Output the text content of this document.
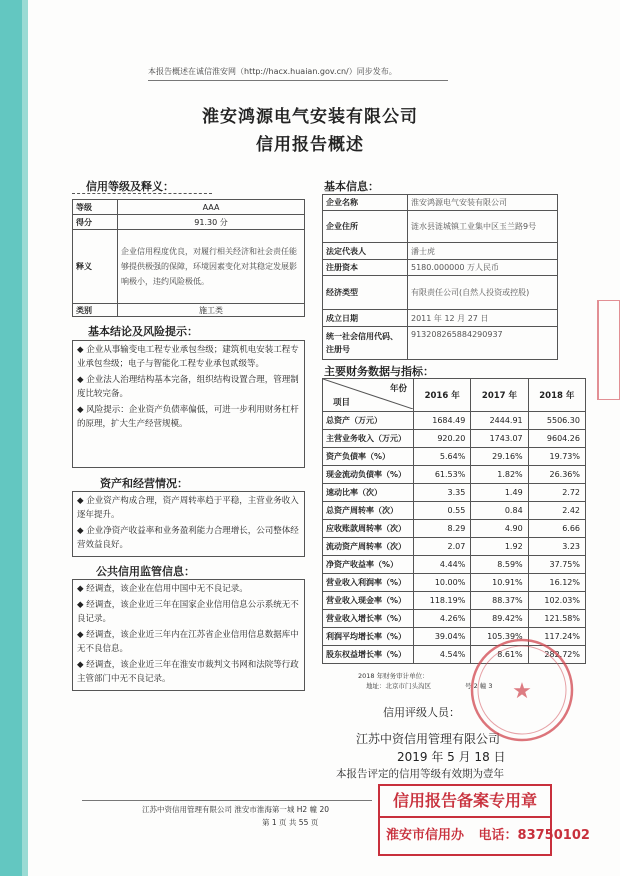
本报告概述在诚信淮安网（http://hacx.huaian.gov.cn/）同步发布。
淮安鸿源电气安装有限公司
信用报告概述
信用等级及释义：
等级	AAA
得分	91.30 分
释义	企业信用程度优良，对履行相关经济和社会责任能够提供极强的保障，环境因素变化对其稳定发展影响极小，违约风险极低。
类别	施工类
基本信息：
企业名称	淮安鸿源电气安装有限公司
企业住所	涟水县涟城镇工业集中区玉兰路9号
法定代表人	潘士虎
注册资本	5180.000000 万人民币
经济类型	有限责任公司(自然人投资或控股)
成立日期	2011 年 12 月 27 日
统一社会信用代码、注册号	913208265884290937
基本结论及风险提示：

◆ 企业从事输变电工程专业承包叁级；建筑机电安装工程专业承包叁级；电子与智能化工程专业承包贰级等。

◆ 企业法人治理结构基本完备，组织结构设置合理，管理制度比较完备。

◆ 风险提示：企业资产负债率偏低，可进一步利用财务杠杆的原理，扩大生产经营规模。

资产和经营情况：

◆ 企业资产构成合理，资产周转率趋于平稳，主营业务收入逐年提升。

◆ 企业净资产收益率和业务盈利能力合理增长，公司整体经营效益良好。

公共信用监管信息：

◆ 经调查，该企业在信用中国中无不良记录。

◆ 经调查，该企业近三年在国家企业信用信息公示系统无不良记录。

◆ 经调查，该企业近三年内在江苏省企业信用信息数据库中无不良信息。

◆ 经调查，该企业近三年在淮安市裁判文书网和法院等行政主管部门中无不良记录。

主要财务数据与指标：
年份
项目	2016 年	2017 年	2018 年
总资产（万元）	1684.49	2444.91	5506.30
主营业务收入（万元）	920.20	1743.07	9604.26
资产负债率（%）	5.64%	29.16%	19.73%
现金流动负债率（%）	61.53%	1.82%	26.36%
速动比率（次）	3.35	1.49	2.72
总资产周转率（次）	0.55	0.84	2.42
应收账款周转率（次）	8.29	4.90	6.66
流动资产周转率（次）	2.07	1.92	3.23
净资产收益率（%）	4.44%	8.59%	37.75%
营业收入利润率（%）	10.00%	10.91%	16.12%
营业收入现金率（%）	118.19%	88.37%	102.03%
营业收入增长率（%）	4.26%	89.42%	121.58%
利润平均增长率（%）	39.04%	105.39%	117.24%
股东权益增长率（%）	4.54%	8.61%	282.72%
2018 年财务审计单位：
地址：北京市门头沟区	号 2 幢 3
信用评级人员：
江苏中资信用管理有限公司
2019 年 5 月 18 日
本报告评定的信用等级有效期为壹年
★
信用报告备案专用章
淮安市信用办 电话：83750102
江苏中资信用管理有限公司 淮安市淮海第一城 H2 幢 20
第 1 页 共 55 页
